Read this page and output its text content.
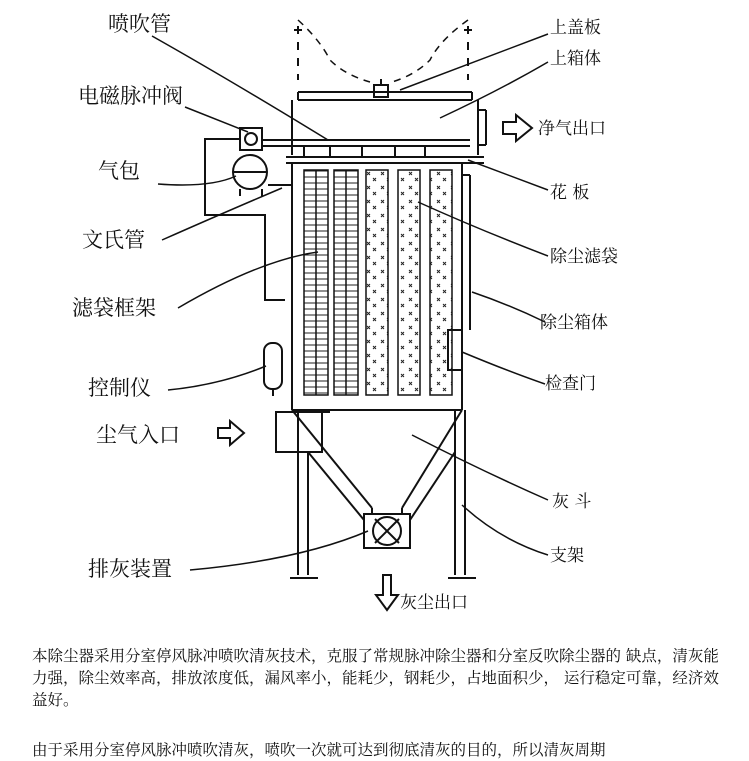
喷吹管
电磁脉冲阀
气包
文氏管
滤袋框架
控制仪
尘气入口
排灰装置
上盖板
上箱体
净气出口
花 板
除尘滤袋
除尘箱体
检查门
灰 斗
支架
灰尘出口

本除尘器采用分室停风脉冲喷吹清灰技术，克服了常规脉冲除尘器和分室反吹除尘器的 缺点，清灰能力强，除尘效率高，排放浓度低，漏风率小，能耗少，钢耗少，占地面积少， 运行稳定可靠，经济效益好。

由于采用分室停风脉冲喷吹清灰，喷吹一次就可达到彻底清灰的目的，所以清灰周期
